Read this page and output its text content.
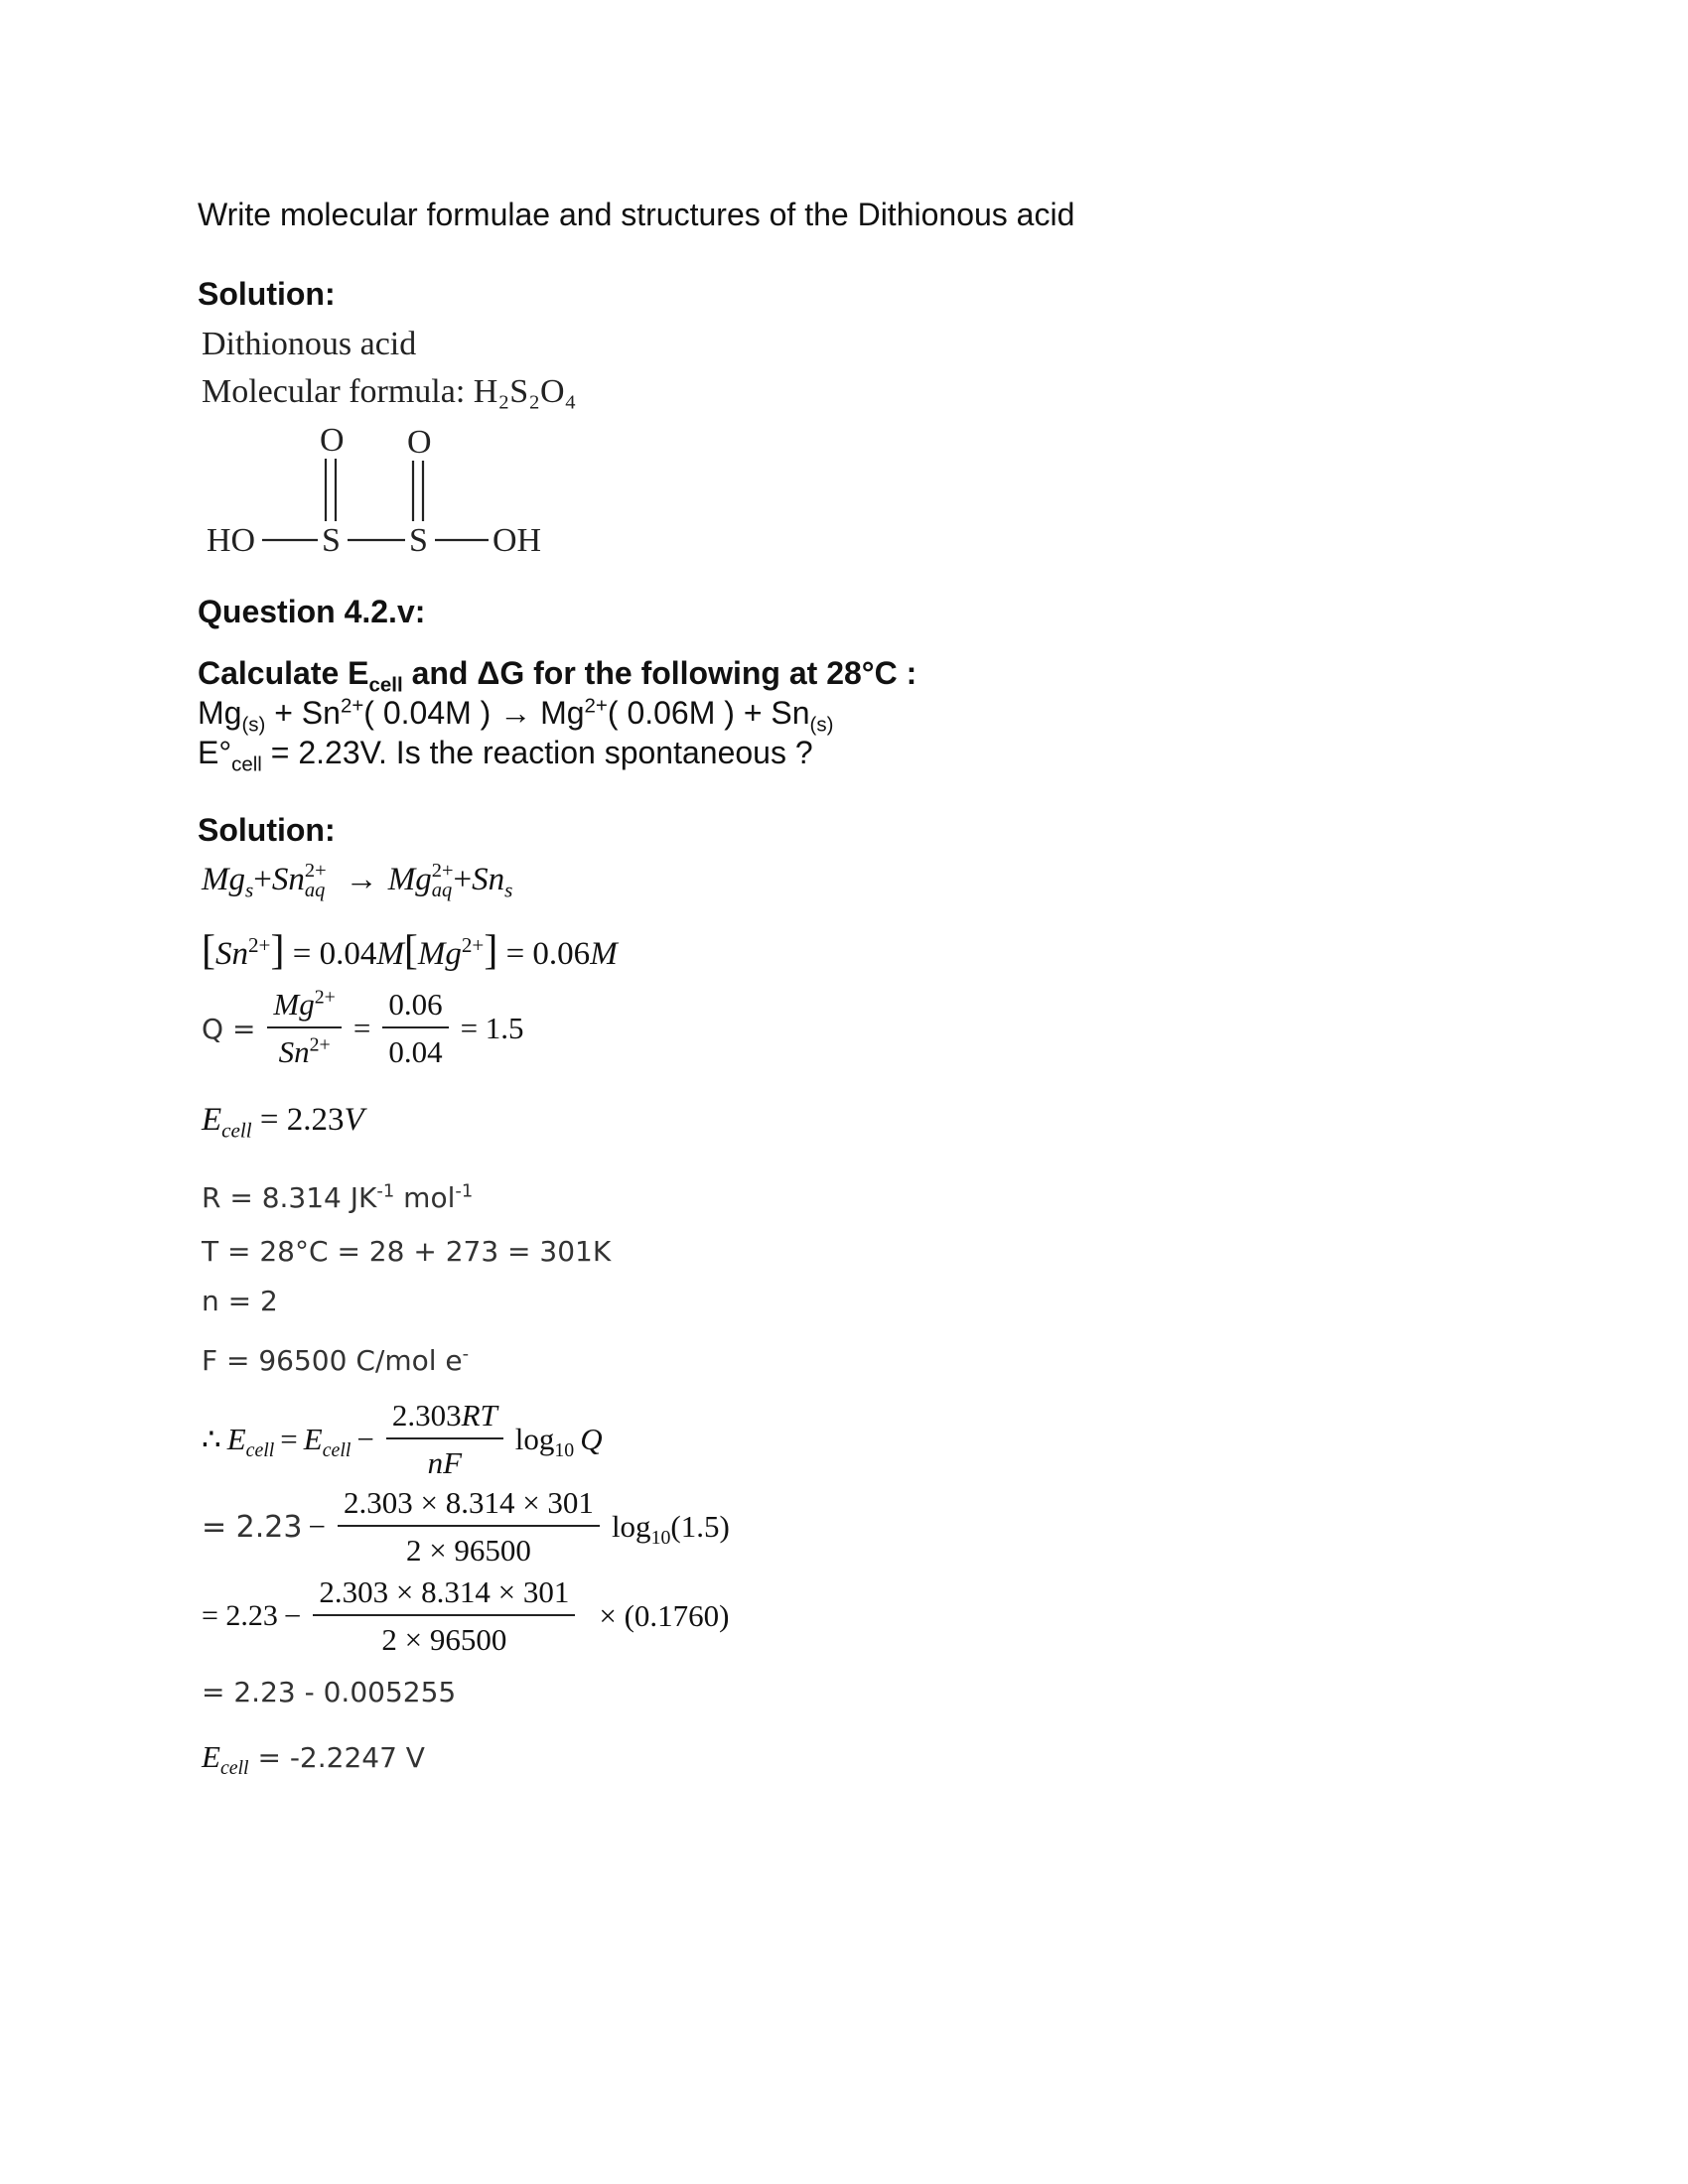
Write molecular formulae and structures of the Dithionous acid
Solution:
Dithionous acid
Molecular formula: H₂S₂O₄
O O
HO S S OH
Question 4.2.v:
Calculate $E_{cell}$ and ΔG for the following at 28°C :
$Mg_{(s)} + Sn^{2+}$( 0.04M ) → $Mg^{2+}$( 0.06M ) + $Sn_{(s)}$
$E^\circ_{cell} = 2.23V$. Is the reaction spontaneous ?
Solution:
$Mg_s+Sn$ 2+
aq → Mg 2+
aq $+Sn_s$
$[Sn^{2+}] = 0.04M[Mg^{2+}] = 0.06M$
$Q = \frac{Mg^{2+}}{Sn^{2+}} = \frac{0.06}{0.04} = 1.5$
$E_{cell} = 2.23V$
R = 8.314 $JK^{-1}$ mol$^{-1}$
T = 28°C = 28 + 273 = 301K
n = 2
F = 96500 C/mol e-
∴ $E_{cell} = E_{cell} - \frac{2.303RT}{nF} \log_{10} Q$
= $2.23 - \frac{2.303 \times 8.314 \times 301}{2 \times 96500} \log_{10}(1.5)$
= $2.23 - \frac{2.303 \times 8.314 \times 301}{2 \times 96500} \times (0.1760)$
= 2.23 - 0.005255
$E_{cell} = -2.2247$ V
